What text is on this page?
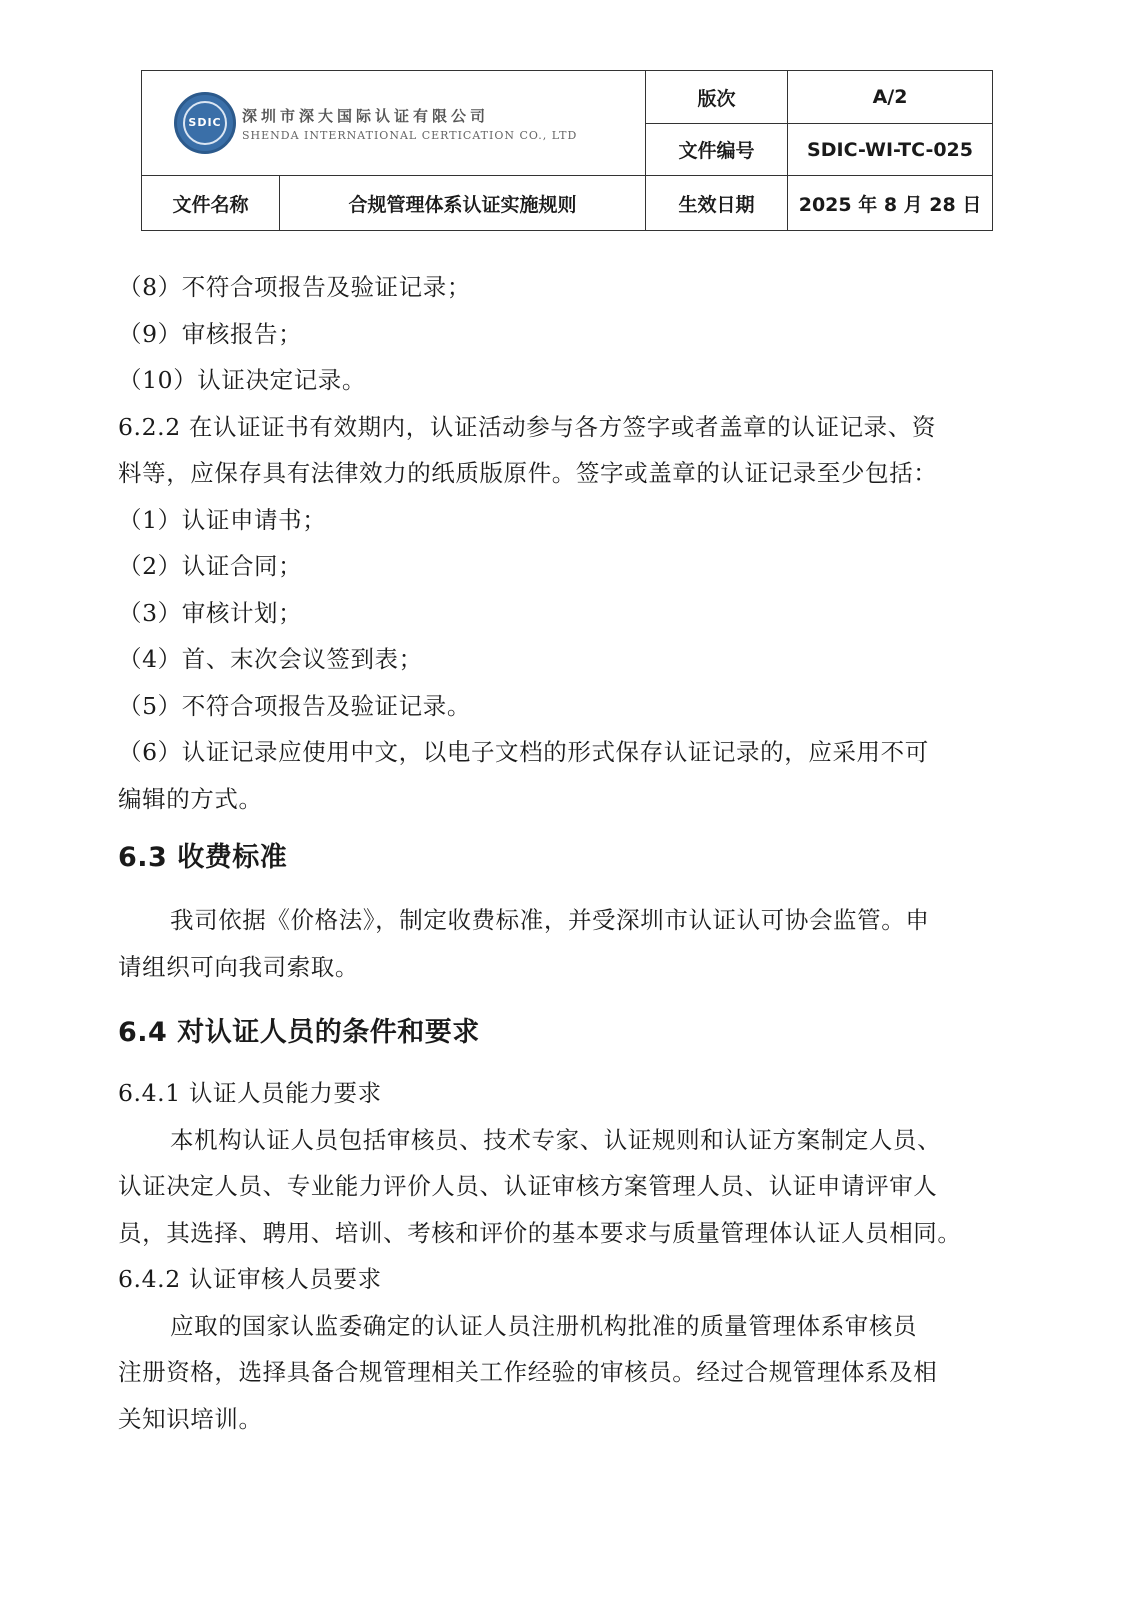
SDIC 深圳市深大国际认证有限公司
SHENDA INTERNATIONAL CERTICATION CO., LTD		版次	A/2
		文件编号	SDIC-WI-TC-025
文件名称	合规管理体系认证实施规则	生效日期	2025 年 8 月 28 日
（8）不符合项报告及验证记录；
（9）审核报告；
（10）认证决定记录。
6.2.2 在认证证书有效期内，认证活动参与各方签字或者盖章的认证记录、资
料等，应保存具有法律效力的纸质版原件。签字或盖章的认证记录至少包括：
（1）认证申请书；
（2）认证合同；
（3）审核计划；
（4）首、末次会议签到表；
（5）不符合项报告及验证记录。
（6）认证记录应使用中文，以电子文档的形式保存认证记录的，应采用不可
编辑的方式。
6.3 收费标准
我司依据《价格法》，制定收费标准，并受深圳市认证认可协会监管。申
请组织可向我司索取。
6.4 对认证人员的条件和要求
6.4.1 认证人员能力要求
本机构认证人员包括审核员、技术专家、认证规则和认证方案制定人员、
认证决定人员、专业能力评价人员、认证审核方案管理人员、认证申请评审人
员，其选择、聘用、培训、考核和评价的基本要求与质量管理体认证人员相同。
6.4.2 认证审核人员要求
应取的国家认监委确定的认证人员注册机构批准的质量管理体系审核员
注册资格，选择具备合规管理相关工作经验的审核员。经过合规管理体系及相
关知识培训。
